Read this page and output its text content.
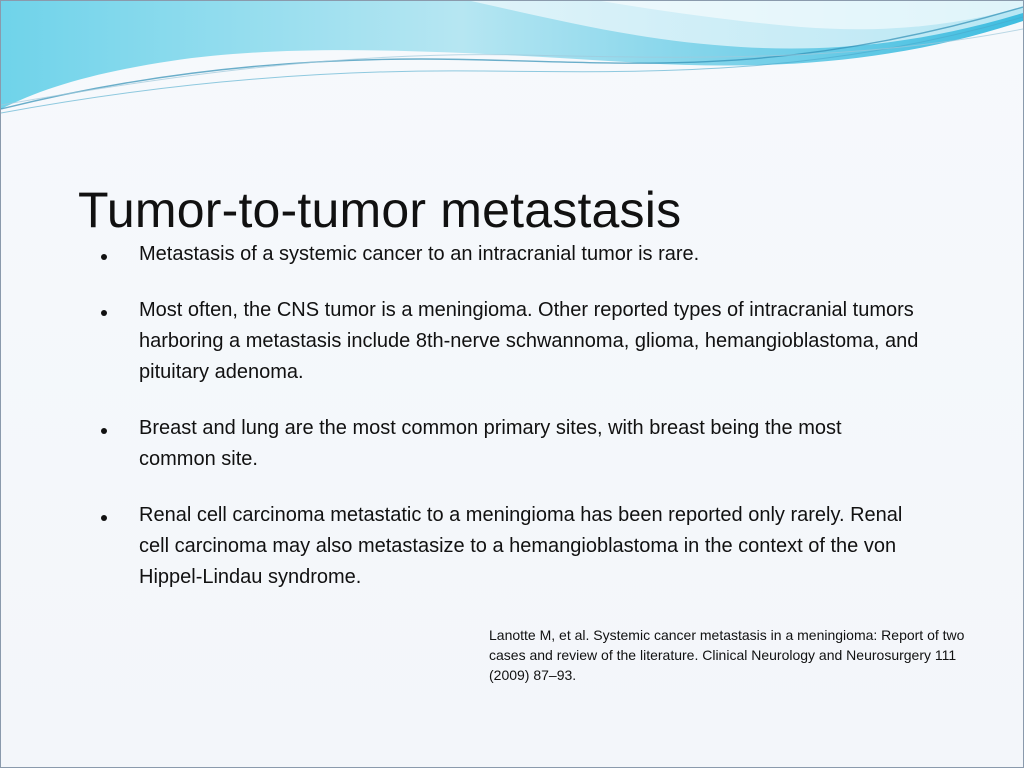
Tumor-to-tumor metastasis
Metastasis of a systemic cancer to an intracranial tumor is rare.
Most often, the CNS tumor is a meningioma. Other reported types of intracranial tumors harboring a metastasis include 8th-nerve schwannoma, glioma, hemangioblastoma, and pituitary adenoma.
Breast and lung are the most common primary sites, with breast being the most common site.
Renal cell carcinoma metastatic to a meningioma has been reported only rarely. Renal cell carcinoma may also metastasize to a hemangioblastoma in the context of the von Hippel-Lindau syndrome.

Lanotte M, et al. Systemic cancer metastasis in a meningioma: Report of two cases and review of the literature. Clinical Neurology and Neurosurgery 111 (2009) 87–93.
